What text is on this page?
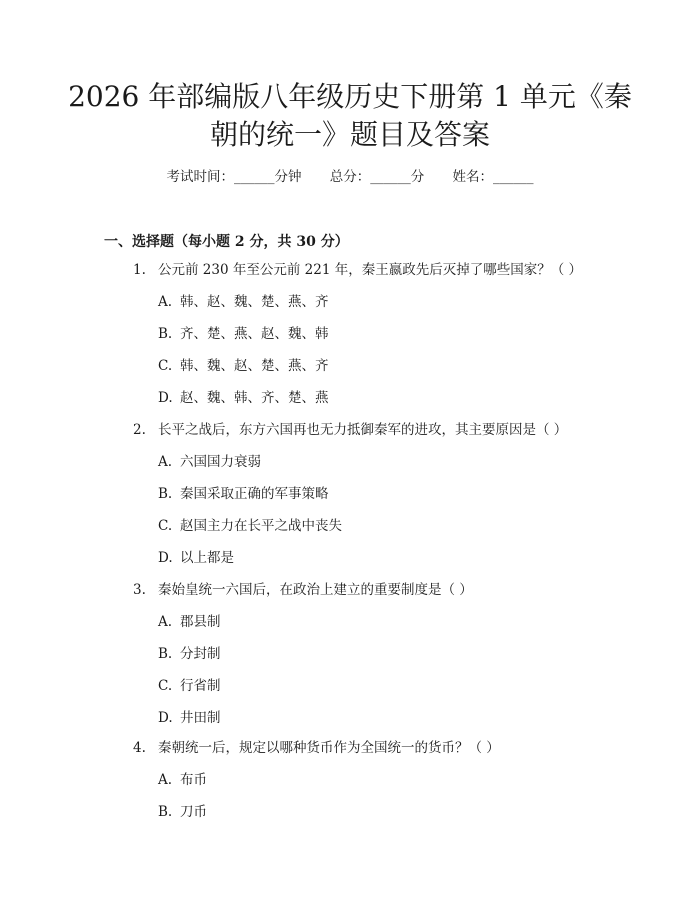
2026 年部编版八年级历史下册第 1 单元《秦
朝的统一》题目及答案
考试时间：______分钟 总分：______分 姓名：______
一、选择题（每小题 2 分，共 30 分）
1. 公元前 230 年至公元前 221 年，秦王嬴政先后灭掉了哪些国家？（ ）
A. 韩、赵、魏、楚、燕、齐
B. 齐、楚、燕、赵、魏、韩
C. 韩、魏、赵、楚、燕、齐
D. 赵、魏、韩、齐、楚、燕
2. 长平之战后，东方六国再也无力抵御秦军的进攻，其主要原因是（ ）
A. 六国国力衰弱
B. 秦国采取正确的军事策略
C. 赵国主力在长平之战中丧失
D. 以上都是
3. 秦始皇统一六国后，在政治上建立的重要制度是（ ）
A. 郡县制
B. 分封制
C. 行省制
D. 井田制
4. 秦朝统一后，规定以哪种货币作为全国统一的货币？（ ）
A. 布币
B. 刀币
